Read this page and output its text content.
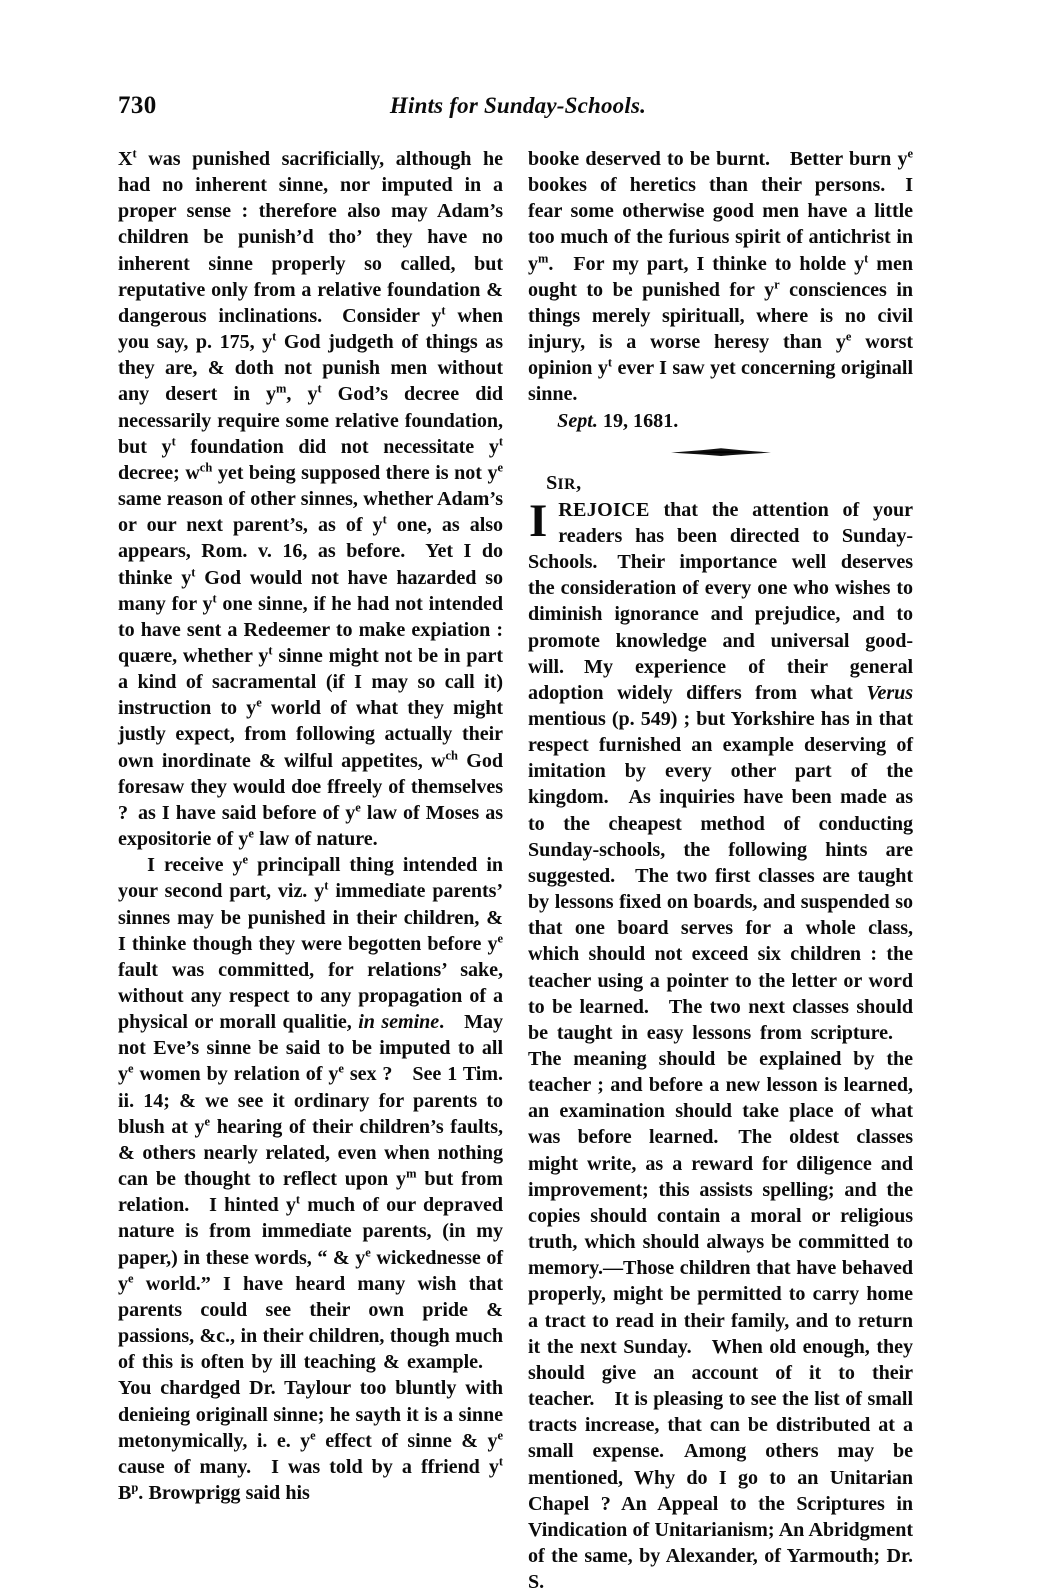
730	Hints for Sunday-Schools.

$X^t$ was punished sacrificially, although he had no inherent sinne, nor imputed in a proper sense : therefore also may Adam’s children be punish’d tho’ they have no inherent sinne properly so called, but reputative only from a relative foundation & dangerous inclinations.  Consider $y^t$ when you say, p. 175, $y^t$ God judgeth of things as they are, & doth not punish men without any desert in $y^m$, $y^t$ God’s decree did necessarily require some relative foundation, but $y^t$ foundation did not necessitate $y^t$ decree; $w^{ch}$ yet being supposed there is not $y^e$ same reason of other sinnes, whether Adam’s or our next parent’s, as of $y^t$ one, as also appears, Rom. v. 16, as before.  Yet I do thinke $y^t$ God would not have hazarded so many for $y^t$ one sinne, if he had not intended to have sent a Redeemer to make expiation : quære, whether $y^t$ sinne might not be in part a kind of sacramental (if I may so call it) instruction to $y^e$ world of what they might justly expect, from following actually their own inordinate & wilful appetites, $w^{ch}$ God foresaw they would doe ffreely of themselves ? as I have said before of $y^e$ law of Moses as expositorie of $y^e$ law of nature.

I receive $y^e$ principall thing intended in your second part, viz. $y^t$ immediate parents’ sinnes may be punished in their children, & I thinke though they were begotten before $y^e$ fault was committed, for relations’ sake, without any respect to any propagation of a physical or morall qualitie, in semine.  May not Eve’s sinne be said to be imputed to all $y^e$ women by relation of $y^e$ sex ?  See 1 Tim. ii. 14; & we see it ordinary for parents to blush at $y^e$ hearing of their children’s faults, & others nearly related, even when nothing can be thought to reflect upon $y^m$ but from relation.  I hinted $y^t$ much of our depraved nature is from immediate parents, (in my paper,) in these words, “ & $y^e$ wickednesse of $y^e$ world.” I have heard many wish that parents could see their own pride & passions, &c., in their children, though much of this is often by ill teaching & example.  You chardged Dr. Taylour too bluntly with denieing originall sinne; he sayth it is a sinne metonymically, i. e. $y^e$ effect of sinne & $y^e$ cause of many.  I was told by a ffriend $y^t$ $B^p$. Browprigg said his

booke deserved to be burnt.  Better burn $y^e$ bookes of heretics than their persons.  I fear some otherwise good men have a little too much of the furious spirit of antichrist in $y^m$.  For my part, I thinke to holde $y^t$ men ought to be punished for $y^r$ consciences in things merely spirituall, where is no civil injury, is a worse heresy than $y^e$ worst opinion $y^t$ ever I saw yet concerning originall sinne.

Sept. 19, 1681.

SIR,

IREJOICE that the attention of your readers has been directed to Sunday-Schools.  Their importance well deserves the consideration of every one who wishes to diminish ignorance and prejudice, and to promote knowledge and universal good-will.  My experience of their general adoption widely differs from what Verus mentious (p. 549) ; but Yorkshire has in that respect furnished an example deserving of imitation by every other part of the kingdom.  As inquiries have been made as to the cheapest method of conducting Sunday-schools, the following hints are suggested.  The two first classes are taught by lessons fixed on boards, and suspended so that one board serves for a whole class, which should not exceed six children : the teacher using a pointer to the letter or word to be learned.  The two next classes should be taught in easy lessons from scripture.  The meaning should be explained by the teacher ; and before a new lesson is learned, an examination should take place of what was before learned.  The oldest classes might write, as a reward for diligence and improvement; this assists spelling; and the copies should contain a moral or religious truth, which should always be committed to memory.—Those children that have behaved properly, might be permitted to carry home a tract to read in their family, and to return it the next Sunday.  When old enough, they should give an account of it to their teacher.  It is pleasing to see the list of small tracts increase, that can be distributed at a small expense.  Among others may be mentioned, Why do I go to an Unitarian Chapel ? An Appeal to the Scriptures in Vindication of Unitarianism; An Abridgment of the same, by Alexander, of Yarmouth; Dr. S.
